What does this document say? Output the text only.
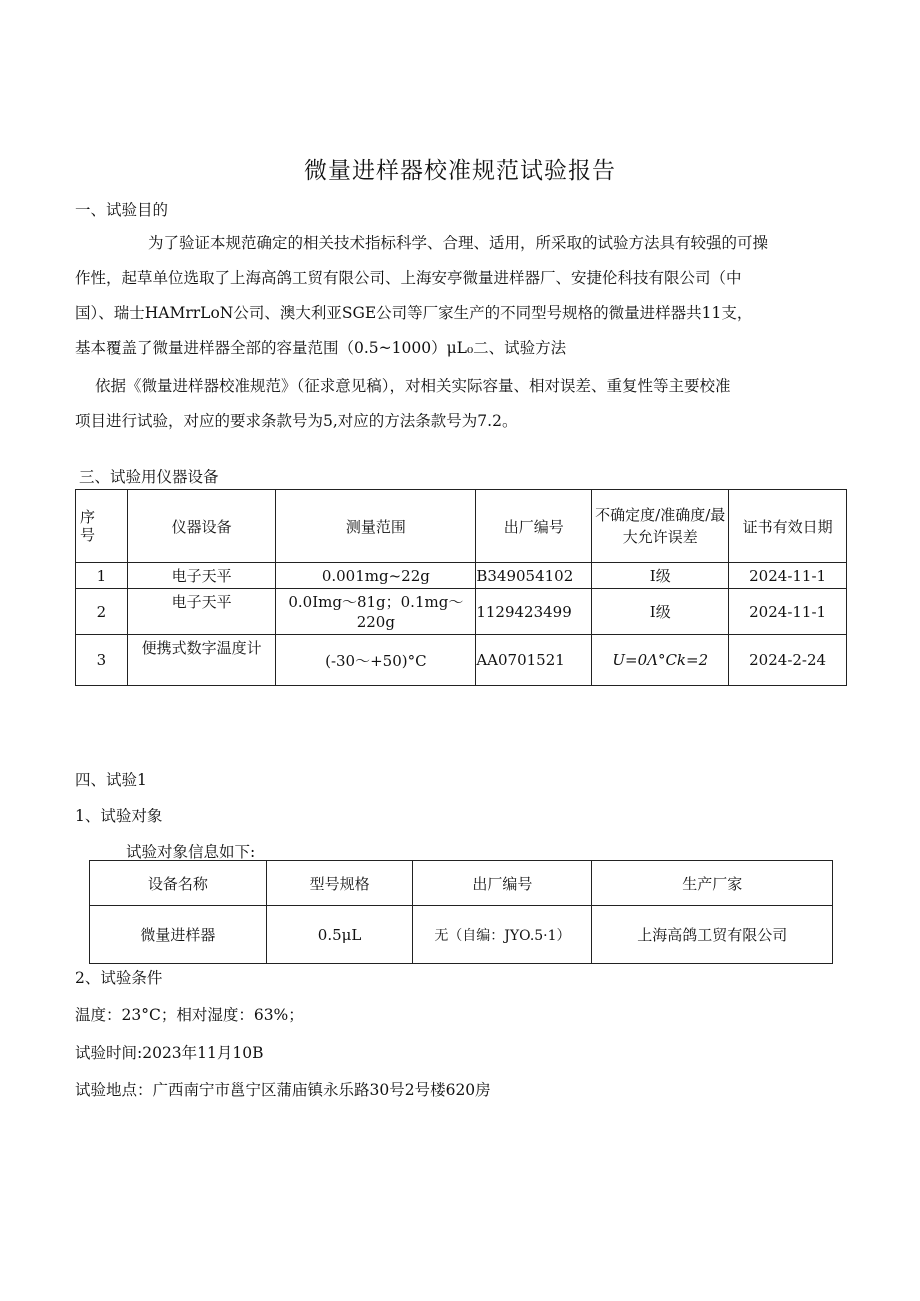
微量进样器校准规范试验报告
一、试验目的
为了验证本规范确定的相关技术指标科学、合理、适用，所采取的试验方法具有较强的可操
作性，起草单位选取了上海高鸽工贸有限公司、上海安亭微量进样器厂、安捷伦科技有限公司（中
国）、瑞士HAMrrLoN公司、澳大利亚SGE公司等厂家生产的不同型号规格的微量进样器共11支，
基本覆盖了微量进样器全部的容量范围（0.5~1000）μL₀二、试验方法
依据《微量进样器校准规范》（征求意见稿），对相关实际容量、相对误差、重复性等主要校准
项目进行试验，对应的要求条款号为5,对应的方法条款号为7.2。
三、试验用仪器设备
序号	仪器设备	测量范围	出厂编号	不确定度/准确度/最大允许误差	证书有效日期
1	电子天平	0.001mg~22g	B349054102	I级	2024-11-1
2	电子天平	0.0Img～81g；0.1mg～220g	1129423499	I级	2024-11-1
3	便携式数字温度计	(-30～+50)°C	AA0701521	U=0Λ°Ck=2	2024-2-24
四、试验1
1、试验对象
试验对象信息如下:
设备名称	型号规格	出厂编号	生产厂家
微量进样器	0.5μL	无（自编：JYO.5·1）	上海高鸽工贸有限公司
2、试验条件
温度：23°C；相对湿度：63%；
试验时间:2023年11月10B
试验地点：广西南宁市邕宁区蒲庙镇永乐路30号2号楼620房
